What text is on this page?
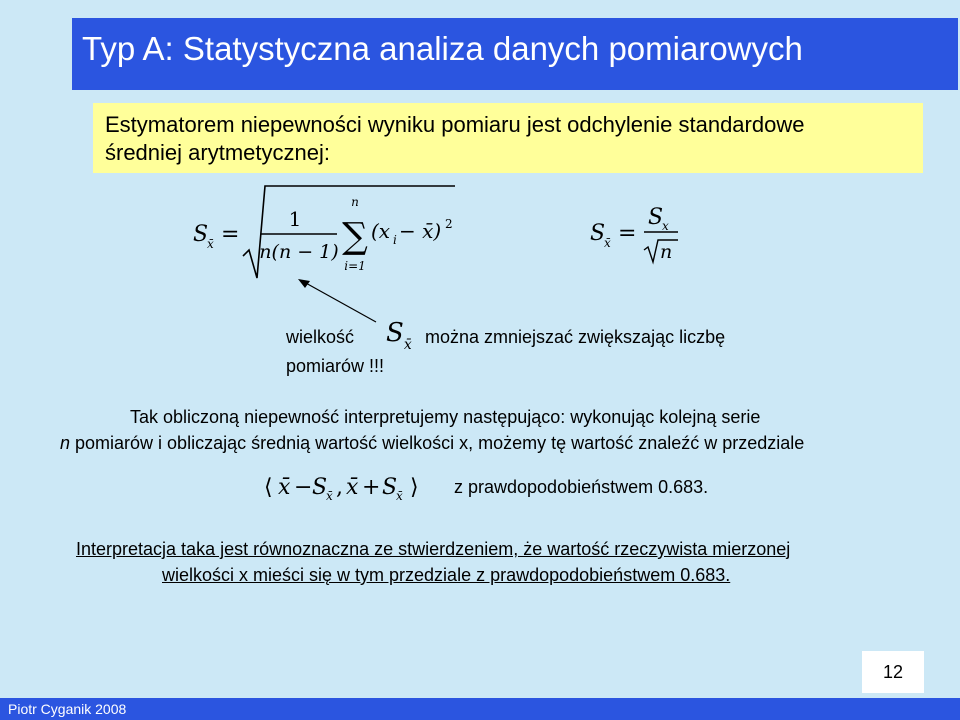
Typ A: Statystyczna analiza danych pomiarowych
Estymatorem niepewności wyniku pomiaru jest odchylenie standardowe
średniej arytmetycznej:
S
x̄ =
1
n(n − 1)
n
∑
i=1
(x i − x̄) 2	S
x̄ =
S
x
n
wielkość Sx̄ można zmniejszać zwiększając liczbę
pomiarów !!!
Tak obliczoną niepewność interpretujemy następująco: wykonując kolejną serie
n pomiarów i obliczając średnią wartość wielkości x, możemy tę wartość znaleźć w przedziale
⟨ x̄ − S
x̄ , x̄ + S
x̄ ⟩ z prawdopodobieństwem 0.683.
Interpretacja taka jest równoznaczna ze stwierdzeniem, że wartość rzeczywista mierzonej
wielkości x mieści się w tym przedziale z prawdopodobieństwem 0.683.
12
Piotr Cyganik 2008
